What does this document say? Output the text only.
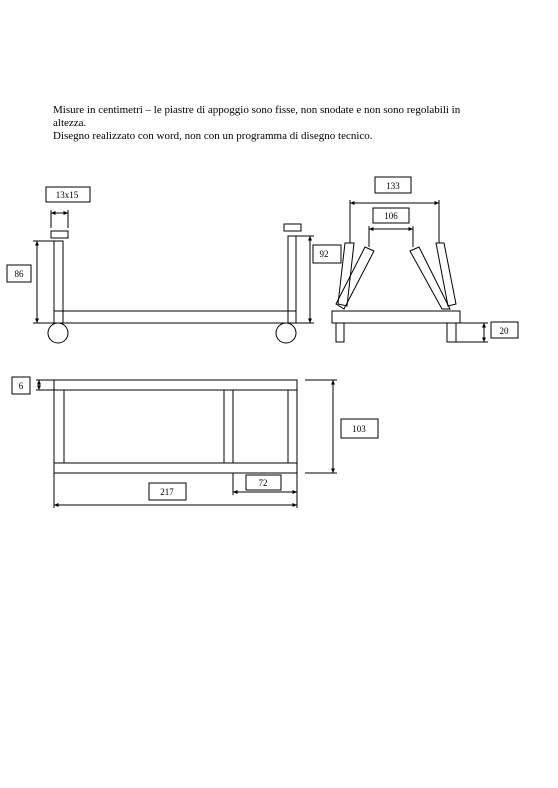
Misure in centimetri – le piastre di appoggio sono fisse, non snodate e non sono regolabili in altezza.

Disegno realizzato con word, non con un programma di disegno tecnico.

13x15
86
92
133
106
20
6
103
72
217
